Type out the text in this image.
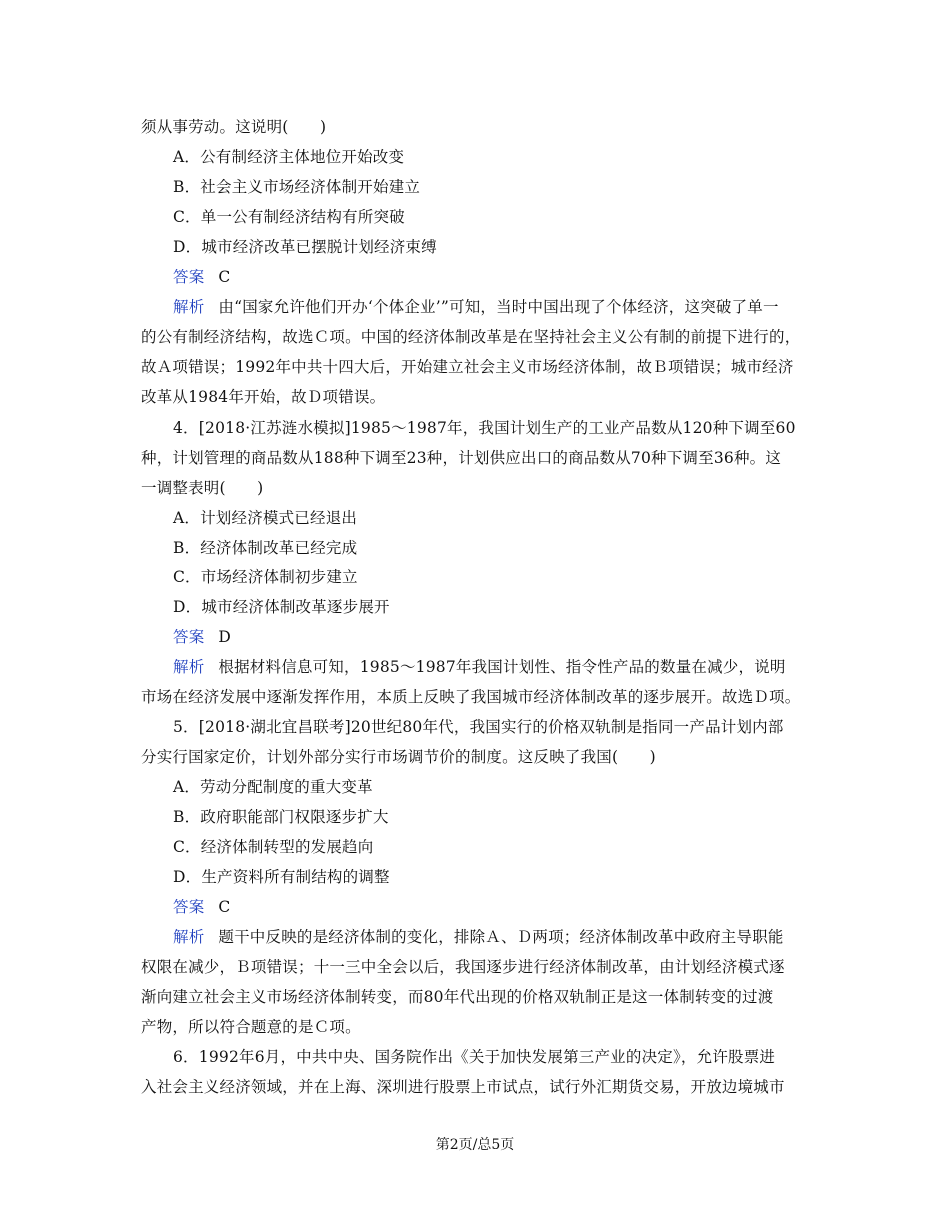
须从事劳动。这说明(　　)
A．公有制经济主体地位开始改变
B．社会主义市场经济体制开始建立
C．单一公有制经济结构有所突破
D．城市经济改革已摆脱计划经济束缚
答案 C
解析 由“国家允许他们开办‘个体企业’”可知，当时中国出现了个体经济，这突破了单一
的公有制经济结构，故选Ｃ项。中国的经济体制改革是在坚持社会主义公有制的前提下进行的，
故Ａ项错误；1992年中共十四大后，开始建立社会主义市场经济体制，故Ｂ项错误；城市经济
改革从1984年开始，故Ｄ项错误。
4．[2018·江苏涟水模拟]1985～1987年，我国计划生产的工业产品数从120种下调至60
种，计划管理的商品数从188种下调至23种，计划供应出口的商品数从70种下调至36种。这
一调整表明(　　)
A．计划经济模式已经退出
B．经济体制改革已经完成
C．市场经济体制初步建立
D．城市经济体制改革逐步展开
答案 D
解析 根据材料信息可知，1985～1987年我国计划性、指令性产品的数量在减少，说明
市场在经济发展中逐渐发挥作用，本质上反映了我国城市经济体制改革的逐步展开。故选Ｄ项。
5．[2018·湖北宜昌联考]20世纪80年代，我国实行的价格双轨制是指同一产品计划内部
分实行国家定价，计划外部分实行市场调节价的制度。这反映了我国(　　)
A．劳动分配制度的重大变革
B．政府职能部门权限逐步扩大
C．经济体制转型的发展趋向
D．生产资料所有制结构的调整
答案 C
解析 题干中反映的是经济体制的变化，排除Ａ、Ｄ两项；经济体制改革中政府主导职能
权限在减少，Ｂ项错误；十一三中全会以后，我国逐步进行经济体制改革，由计划经济模式逐
渐向建立社会主义市场经济体制转变，而80年代出现的价格双轨制正是这一体制转变的过渡
产物，所以符合题意的是Ｃ项。
6．1992年6月，中共中央、国务院作出《关于加快发展第三产业的决定》，允许股票进
入社会主义经济领域，并在上海、深圳进行股票上市试点，试行外汇期货交易，开放边境城市
第2页/总5页
